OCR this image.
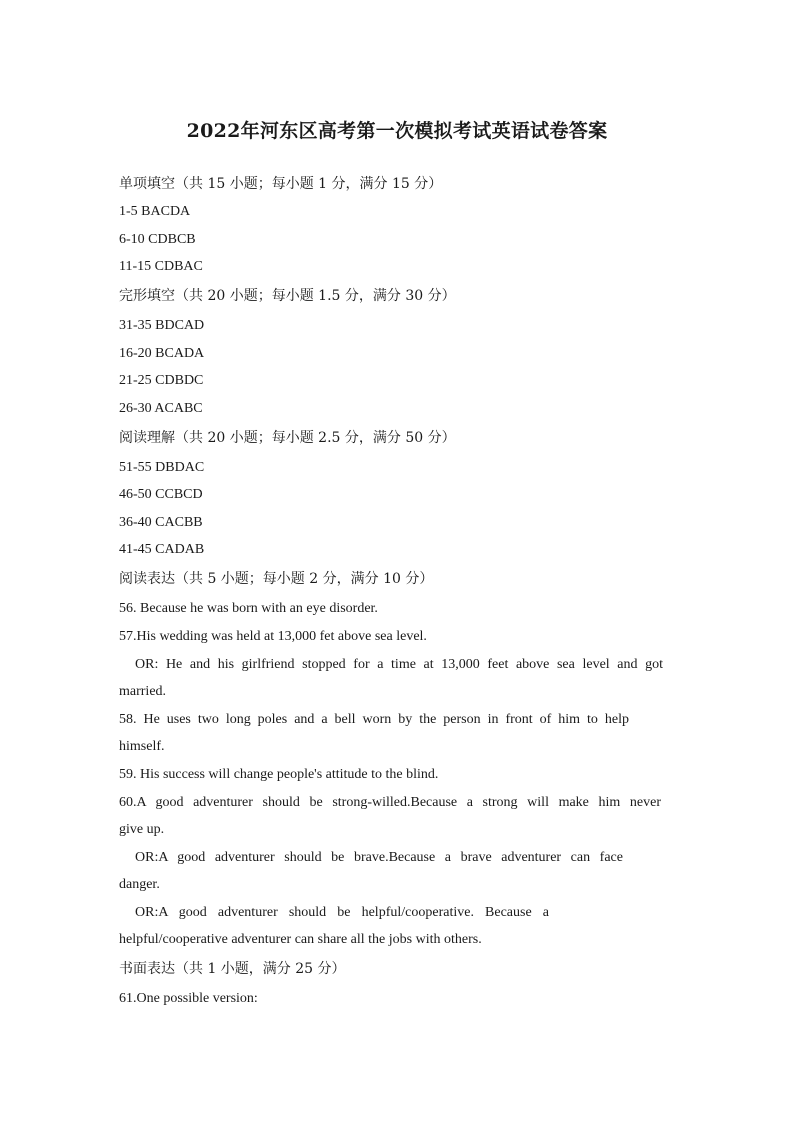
2022年河东区高考第一次模拟考试英语试卷答案
单项填空（共 15 小题；每小题 1 分，满分 15 分）
1-5 BACDA
6-10 CDBCB
11-15 CDBAC
完形填空（共 20 小题；每小题 1.5 分，满分 30 分）
31-35 BDCAD
16-20 BCADA
21-25 CDBDC
26-30 ACABC
阅读理解（共 20 小题；每小题 2.5 分，满分 50 分）
51-55 DBDAC
46-50 CCBCD
36-40 CACBB
41-45 CADAB
阅读表达（共 5 小题；每小题 2 分，满分 10 分）
56. Because he was born with an eye disorder.
57.His wedding was held at 13,000 fet above sea level.
OR: He and his girlfriend stopped for a time at 13,000 feet above sea level and got
married.
58. He uses two long poles and a bell worn by the person in front of him to help
himself.
59. His success will change people's attitude to the blind.
60.A good adventurer should be strong-willed.Because a strong will make him never
give up.
OR:A good adventurer should be brave.Because a brave adventurer can face
danger.
OR:A good adventurer should be helpful/cooperative. Because a
helpful/cooperative adventurer can share all the jobs with others.
书面表达（共 1 小题，满分 25 分）
61.One possible version:
